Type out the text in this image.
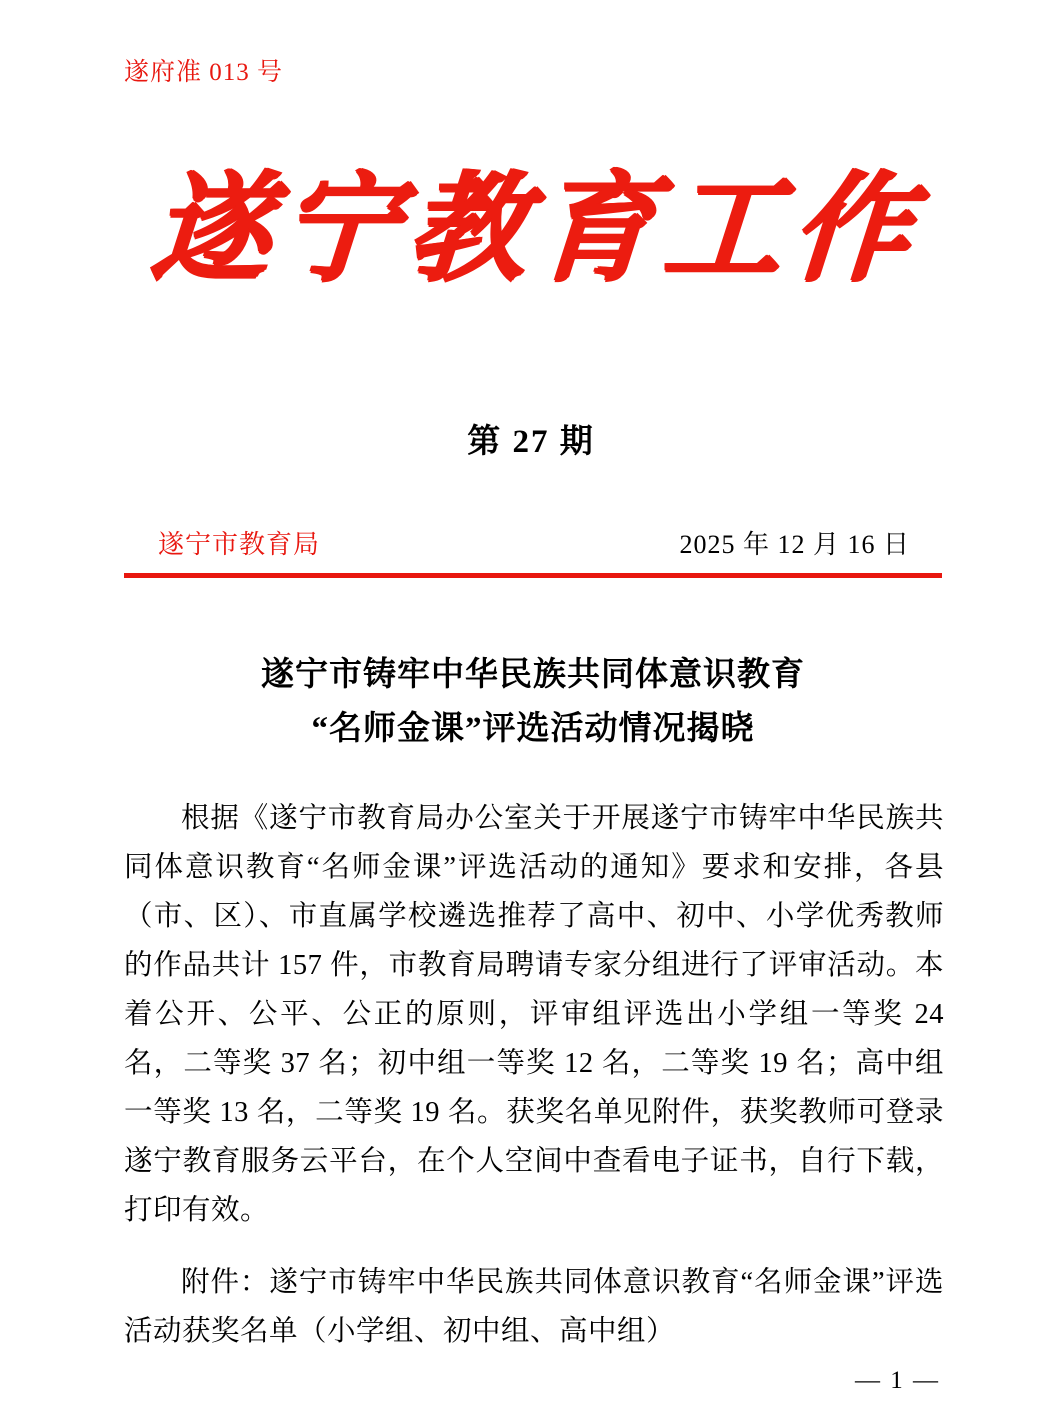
遂府准 013 号
遂宁教育工作
第 27 期
遂宁市教育局	2025 年 12 月 16 日
遂宁市铸牢中华民族共同体意识教育
“名师金课”评选活动情况揭晓

根据《遂宁市教育局办公室关于开展遂宁市铸牢中华民族共同体意识教育“名师金课”评选活动的通知》要求和安排，各县（市、区）、市直属学校遴选推荐了高中、初中、小学优秀教师的作品共计 157 件，市教育局聘请专家分组进行了评审活动。本着公开、公平、公正的原则，评审组评选出小学组一等奖 24 名，二等奖 37 名；初中组一等奖 12 名，二等奖 19 名；高中组一等奖 13 名，二等奖 19 名。获奖名单见附件，获奖教师可登录遂宁教育服务云平台，在个人空间中查看电子证书，自行下载，打印有效。

附件：遂宁市铸牢中华民族共同体意识教育“名师金课”评选活动获奖名单（小学组、初中组、高中组）

— 1 —
